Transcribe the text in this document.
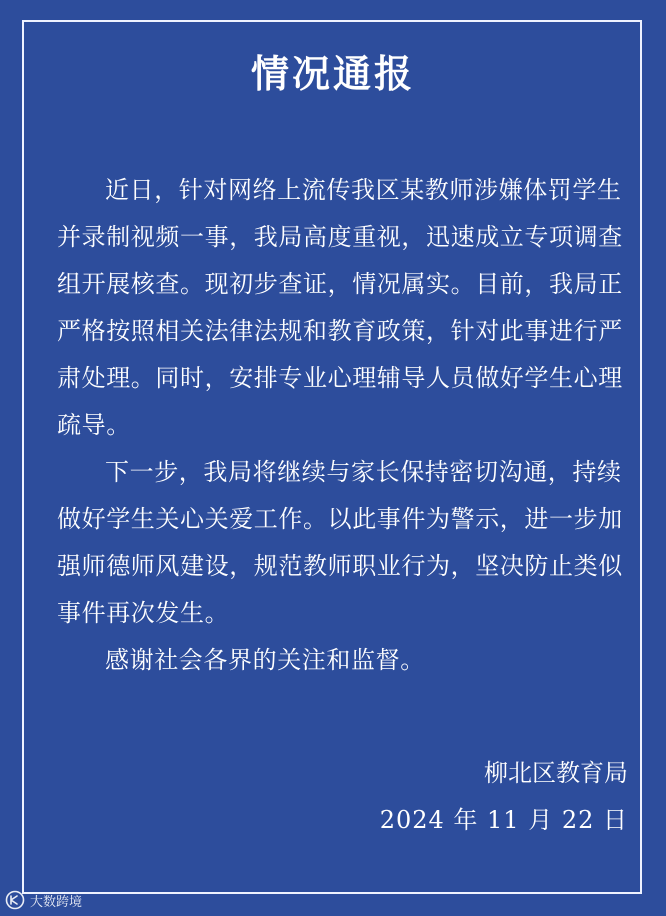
情况通报

近日，针对网络上流传我区某教师涉嫌体罚学生并录制视频一事，我局高度重视，迅速成立专项调查组开展核查。现初步查证，情况属实。目前，我局正严格按照相关法律法规和教育政策，针对此事进行严肃处理。同时，安排专业心理辅导人员做好学生心理疏导。

下一步，我局将继续与家长保持密切沟通，持续做好学生关心关爱工作。以此事件为警示，进一步加强师德师风建设，规范教师职业行为，坚决防止类似事件再次发生。

感谢社会各界的关注和监督。

柳北区教育局
2024 年 11 月 22 日
大数跨境
